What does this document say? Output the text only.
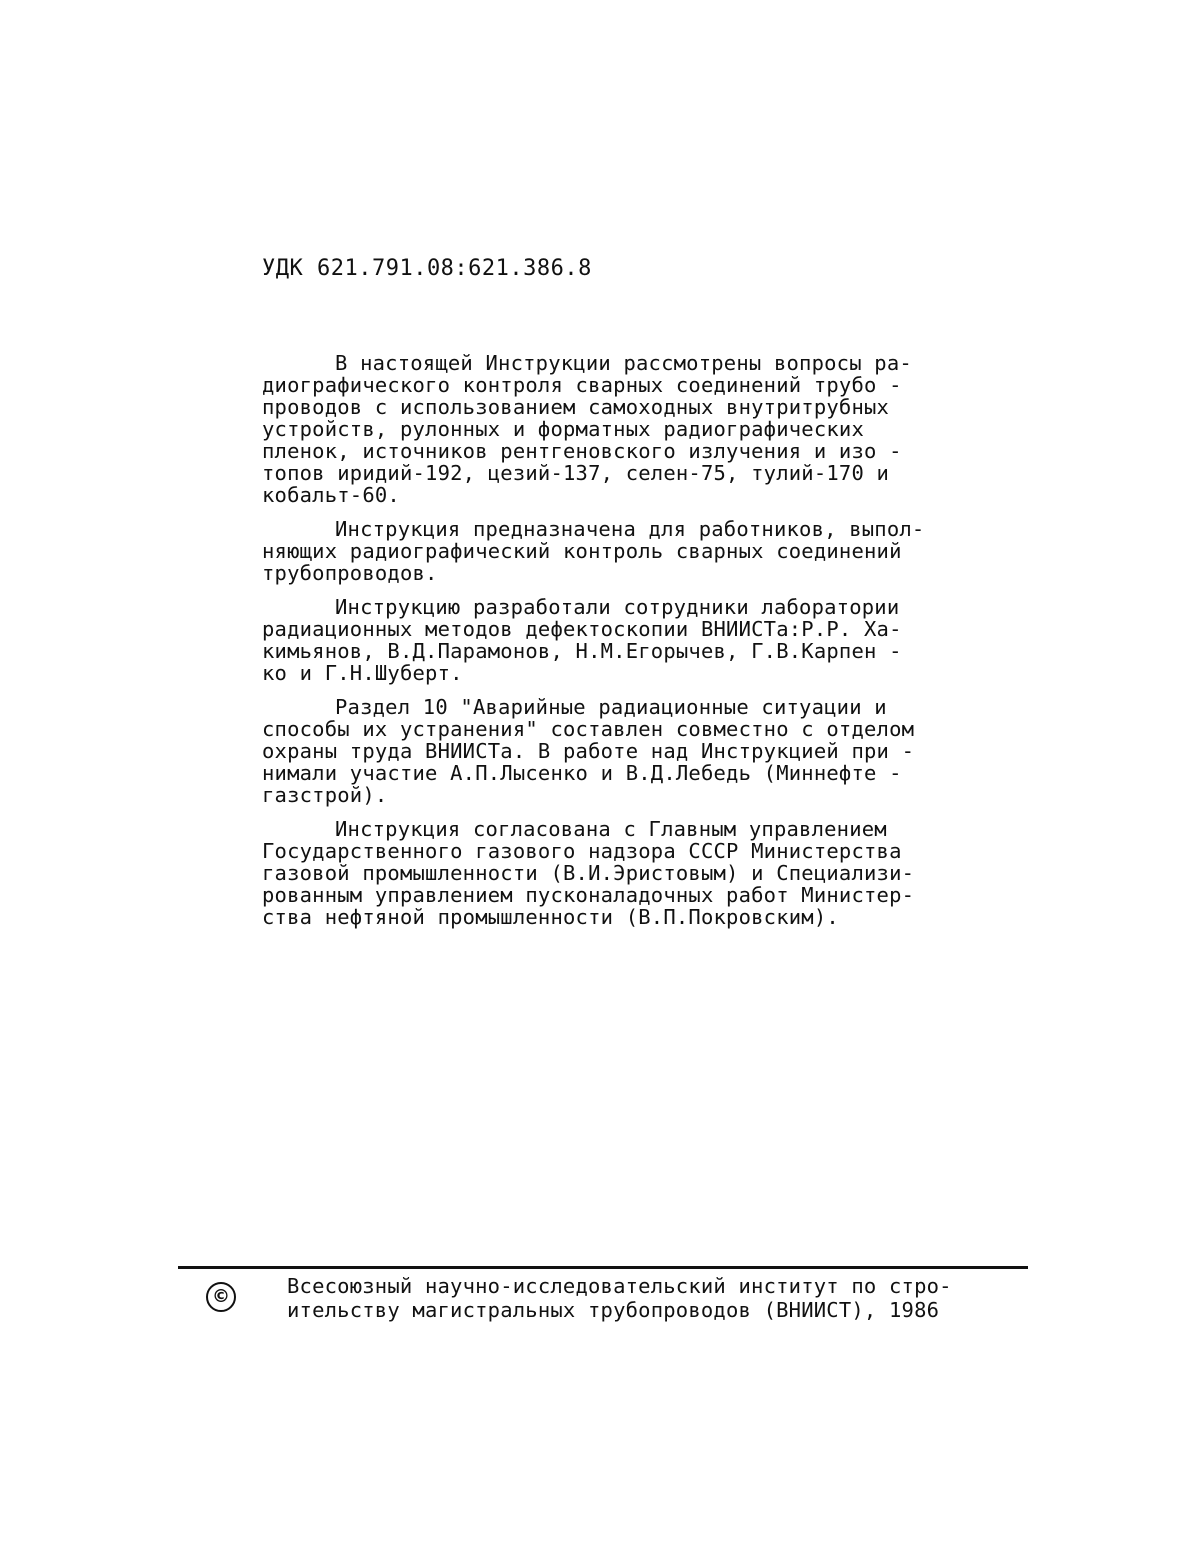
УДК 621.791.08:621.386.8
В настоящей Инструкции рассмотрены вопросы ра-
диографического контроля сварных соединений трубо -
проводов с использованием самоходных внутритрубных
устройств, рулонных и форматных радиографических
пленок, источников рентгеновского излучения и изо -
топов иридий-192, цезий-137, селен-75, тулий-170 и
кобальт-60.
Инструкция предназначена для работников, выпол-
няющих радиографический контроль сварных соединений
трубопроводов.
Инструкцию разработали сотрудники лаборатории
радиационных методов дефектоскопии ВНИИСТа:Р.Р. Ха-
кимьянов, В.Д.Парамонов, Н.М.Егорычев, Г.В.Карпен -
ко и Г.Н.Шуберт.
Раздел 10 "Аварийные радиационные ситуации и
способы их устранения" составлен совместно с отделом
охраны труда ВНИИСТа. В работе над Инструкцией при -
нимали участие А.П.Лысенко и В.Д.Лебедь (Миннефте -
газстрой).
Инструкция согласована с Главным управлением
Государственного газового надзора СССР Министерства
газовой промышленности (В.И.Эристовым) и Специализи-
рованным управлением пусконаладочных работ Министер-
ства нефтяной промышленности (В.П.Покровским).
©	Всесоюзный научно-исследовательский институт по стро-
ительству магистральных трубопроводов (ВНИИСТ), 1986
